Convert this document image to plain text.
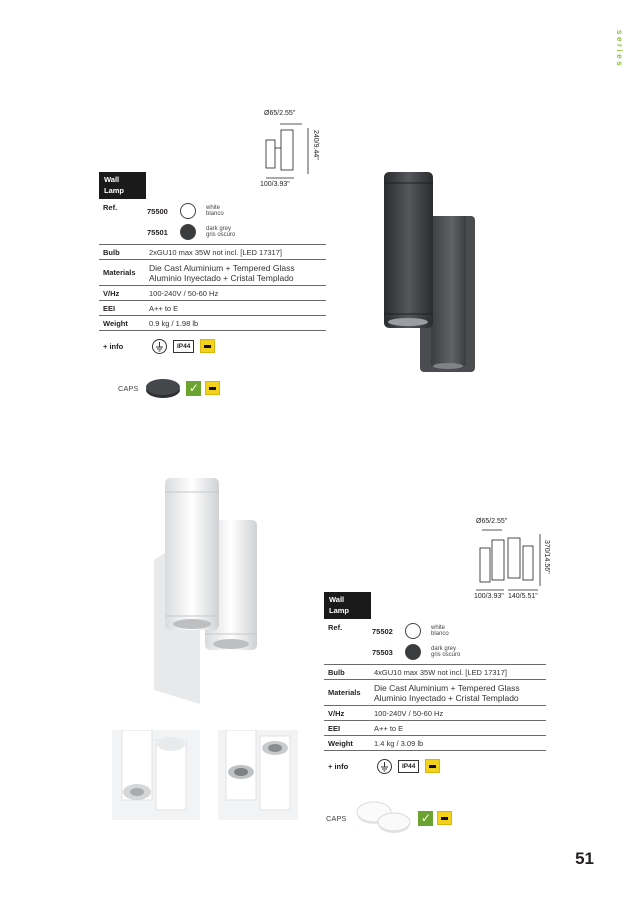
series
Ø65/2.55"
240/9.44"
100/3.93"
Wall Lamp
Ref.	75500	white
blanco
75501	dark grey
gris oscuro
Bulb	2xGU10 max 35W not incl. [LED 17317]
Materials	Die Cast Aluminium + Tempered Glass
Aluminio Inyectado + Cristal Templado
V/Hz	100-240V / 50-60 Hz
EEI	A++ to E
Weight	0.9 kg / 1.98 lb
+ info	IP44
CAPS	✓
Ø65/2.55"
370/14.56"
100/3.93" 140/5.51"
Wall Lamp
Ref.	75502	white
blanco
75503	dark grey
gris oscuro
Bulb	4xGU10 max 35W not incl. [LED 17317]
Materials	Die Cast Aluminium + Tempered Glass
Aluminio Inyectado + Cristal Templado
V/Hz	100-240V / 50-60 Hz
EEI	A++ to E
Weight	1.4 kg / 3.09 lb
+ info	IP44
CAPS	✓
51
